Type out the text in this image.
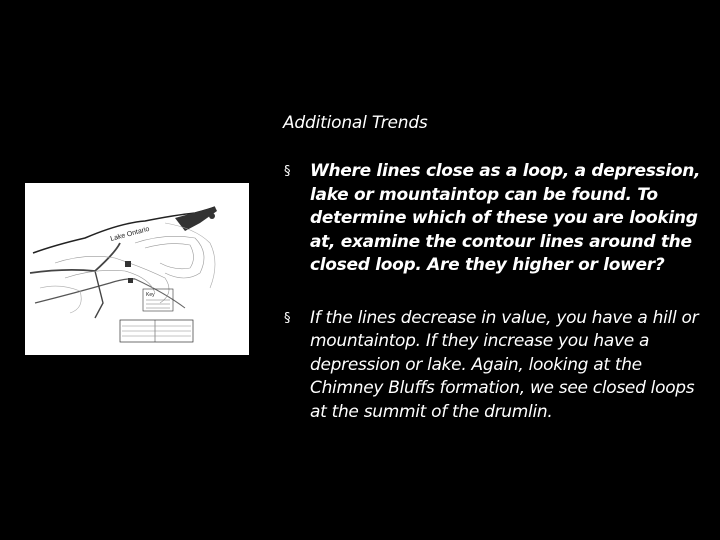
Lake Ontario
Key
Additional Trends
§ Where lines close as a loop, a depression, lake or mountaintop can be found. To determine which of these you are looking at, examine the contour lines around the closed loop. Are they higher or lower?
§ If the lines decrease in value, you have a hill or mountaintop. If they increase you have a depression or lake. Again, looking at the Chimney Bluffs formation, we see closed loops at the summit of the drumlin.
